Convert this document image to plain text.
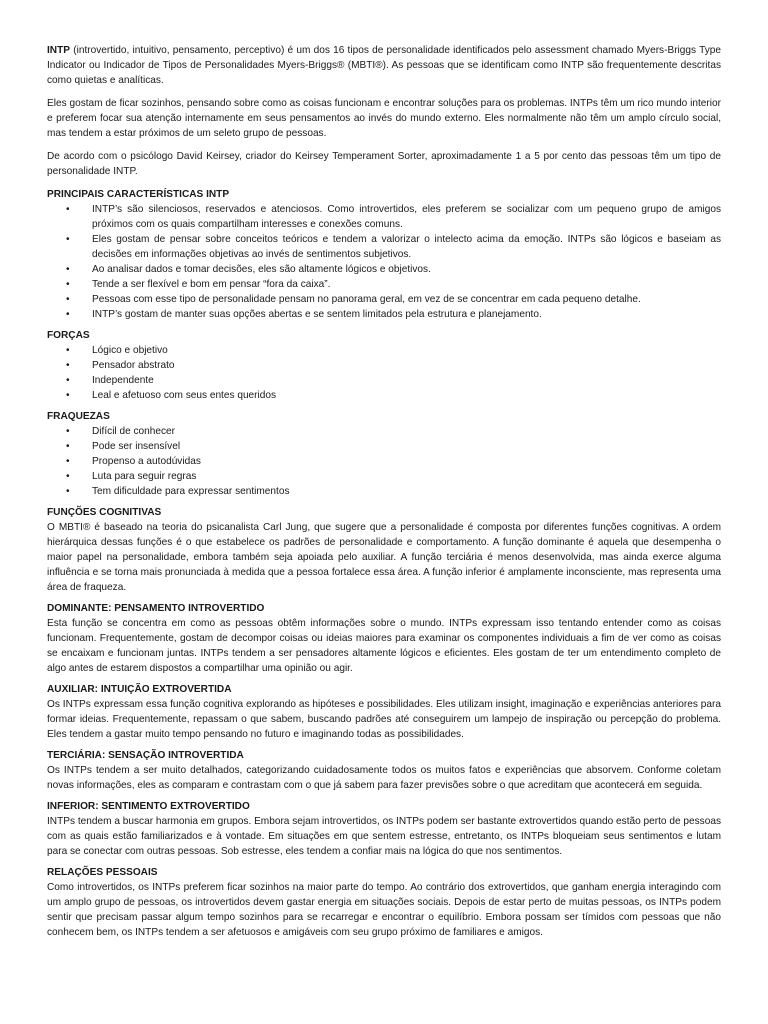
INTP (introvertido, intuitivo, pensamento, perceptivo) é um dos 16 tipos de personalidade identificados pelo assessment chamado Myers-Briggs Type Indicator ou Indicador de Tipos de Personalidades Myers-Briggs® (MBTI®). As pessoas que se identificam como INTP são frequentemente descritas como quietas e analíticas.

Eles gostam de ficar sozinhos, pensando sobre como as coisas funcionam e encontrar soluções para os problemas. INTPs têm um rico mundo interior e preferem focar sua atenção internamente em seus pensamentos ao invés do mundo externo. Eles normalmente não têm um amplo círculo social, mas tendem a estar próximos de um seleto grupo de pessoas.

De acordo com o psicólogo David Keirsey, criador do Keirsey Temperament Sorter, aproximadamente 1 a 5 por cento das pessoas têm um tipo de personalidade INTP.

PRINCIPAIS CARACTERÍSTICAS INTP
• INTP’s são silenciosos, reservados e atenciosos. Como introvertidos, eles preferem se socializar com um pequeno grupo de amigos próximos com os quais compartilham interesses e conexões comuns.
• Eles gostam de pensar sobre conceitos teóricos e tendem a valorizar o intelecto acima da emoção. INTPs são lógicos e baseiam as decisões em informações objetivas ao invés de sentimentos subjetivos.
• Ao analisar dados e tomar decisões, eles são altamente lógicos e objetivos.
• Tende a ser flexível e bom em pensar “fora da caixa”.
• Pessoas com esse tipo de personalidade pensam no panorama geral, em vez de se concentrar em cada pequeno detalhe.
• INTP’s gostam de manter suas opções abertas e se sentem limitados pela estrutura e planejamento.
FORÇAS
• Lógico e objetivo
• Pensador abstrato
• Independente
• Leal e afetuoso com seus entes queridos
FRAQUEZAS
• Difícil de conhecer
• Pode ser insensível
• Propenso a autodúvidas
• Luta para seguir regras
• Tem dificuldade para expressar sentimentos
FUNÇÕES COGNITIVAS

O MBTI® é baseado na teoria do psicanalista Carl Jung, que sugere que a personalidade é composta por diferentes funções cognitivas. A ordem hierárquica dessas funções é o que estabelece os padrões de personalidade e comportamento. A função dominante é aquela que desempenha o maior papel na personalidade, embora também seja apoiada pelo auxiliar. A função terciária é menos desenvolvida, mas ainda exerce alguma influência e se torna mais pronunciada à medida que a pessoa fortalece essa área. A função inferior é amplamente inconsciente, mas representa uma área de fraqueza.

DOMINANTE: PENSAMENTO INTROVERTIDO

Esta função se concentra em como as pessoas obtêm informações sobre o mundo. INTPs expressam isso tentando entender como as coisas funcionam. Frequentemente, gostam de decompor coisas ou ideias maiores para examinar os componentes individuais a fim de ver como as coisas se encaixam e funcionam juntas. INTPs tendem a ser pensadores altamente lógicos e eficientes. Eles gostam de ter um entendimento completo de algo antes de estarem dispostos a compartilhar uma opinião ou agir.

AUXILIAR: INTUIÇÃO EXTROVERTIDA

Os INTPs expressam essa função cognitiva explorando as hipóteses e possibilidades. Eles utilizam insight, imaginação e experiências anteriores para formar ideias. Frequentemente, repassam o que sabem, buscando padrões até conseguirem um lampejo de inspiração ou percepção do problema. Eles tendem a gastar muito tempo pensando no futuro e imaginando todas as possibilidades.

TERCIÁRIA: SENSAÇÃO INTROVERTIDA

Os INTPs tendem a ser muito detalhados, categorizando cuidadosamente todos os muitos fatos e experiências que absorvem. Conforme coletam novas informações, eles as comparam e contrastam com o que já sabem para fazer previsões sobre o que acreditam que acontecerá em seguida.

INFERIOR: SENTIMENTO EXTROVERTIDO

INTPs tendem a buscar harmonia em grupos. Embora sejam introvertidos, os INTPs podem ser bastante extrovertidos quando estão perto de pessoas com as quais estão familiarizados e à vontade. Em situações em que sentem estresse, entretanto, os INTPs bloqueiam seus sentimentos e lutam para se conectar com outras pessoas. Sob estresse, eles tendem a confiar mais na lógica do que nos sentimentos.

RELAÇÕES PESSOAIS

Como introvertidos, os INTPs preferem ficar sozinhos na maior parte do tempo. Ao contrário dos extrovertidos, que ganham energia interagindo com um amplo grupo de pessoas, os introvertidos devem gastar energia em situações sociais. Depois de estar perto de muitas pessoas, os INTPs podem sentir que precisam passar algum tempo sozinhos para se recarregar e encontrar o equilíbrio. Embora possam ser tímidos com pessoas que não conhecem bem, os INTPs tendem a ser afetuosos e amigáveis com seu grupo próximo de familiares e amigos.
